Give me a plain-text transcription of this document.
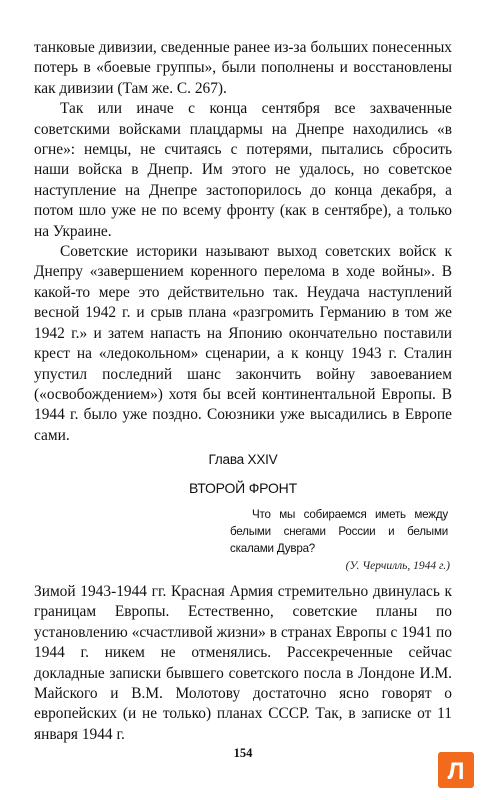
танковые дивизии, сведенные ранее из-за больших понесенных потерь в «боевые группы», были пополнены и восстановлены как дивизии (Там же. С. 267).

Так или иначе с конца сентября все захваченные советскими войсками плацдармы на Днепре находились «в огне»: немцы, не считаясь с потерями, пытались сбросить наши войска в Днепр. Им этого не удалось, но советское наступление на Днепре застопорилось до конца декабря, а потом шло уже не по всему фронту (как в сентябре), а только на Украине.

Советские историки называют выход советских войск к Днепру «завершением коренного перелома в ходе войны». В какой-то мере это действительно так. Неудача наступлений весной 1942 г. и срыв плана «разгромить Германию в том же 1942 г.» и затем напасть на Японию окончательно поставили крест на «ледокольном» сценарии, а к концу 1943 г. Сталин упустил последний шанс закончить войну завоеванием («освобождением») хотя бы всей континентальной Европы. В 1944 г. было уже поздно. Союзники уже высадились в Европе сами.

Глава XXIV
ВТОРОЙ ФРОНТ
Что мы собираемся иметь между белыми снегами России и белыми скалами Дувра?
(У. Черчилль, 1944 г.)

Зимой 1943-1944 гг. Красная Армия стремительно двинулась к границам Европы. Естественно, советские планы по установлению «счастливой жизни» в странах Европы с 1941 по 1944 г. никем не отменялись. Рассекреченные сейчас докладные записки бывшего советского посла в Лондоне И.М. Майского и В.М. Молотову достаточно ясно говорят о европейских (и не только) планах СССР. Так, в записке от 11 января 1944 г.

154
Л
